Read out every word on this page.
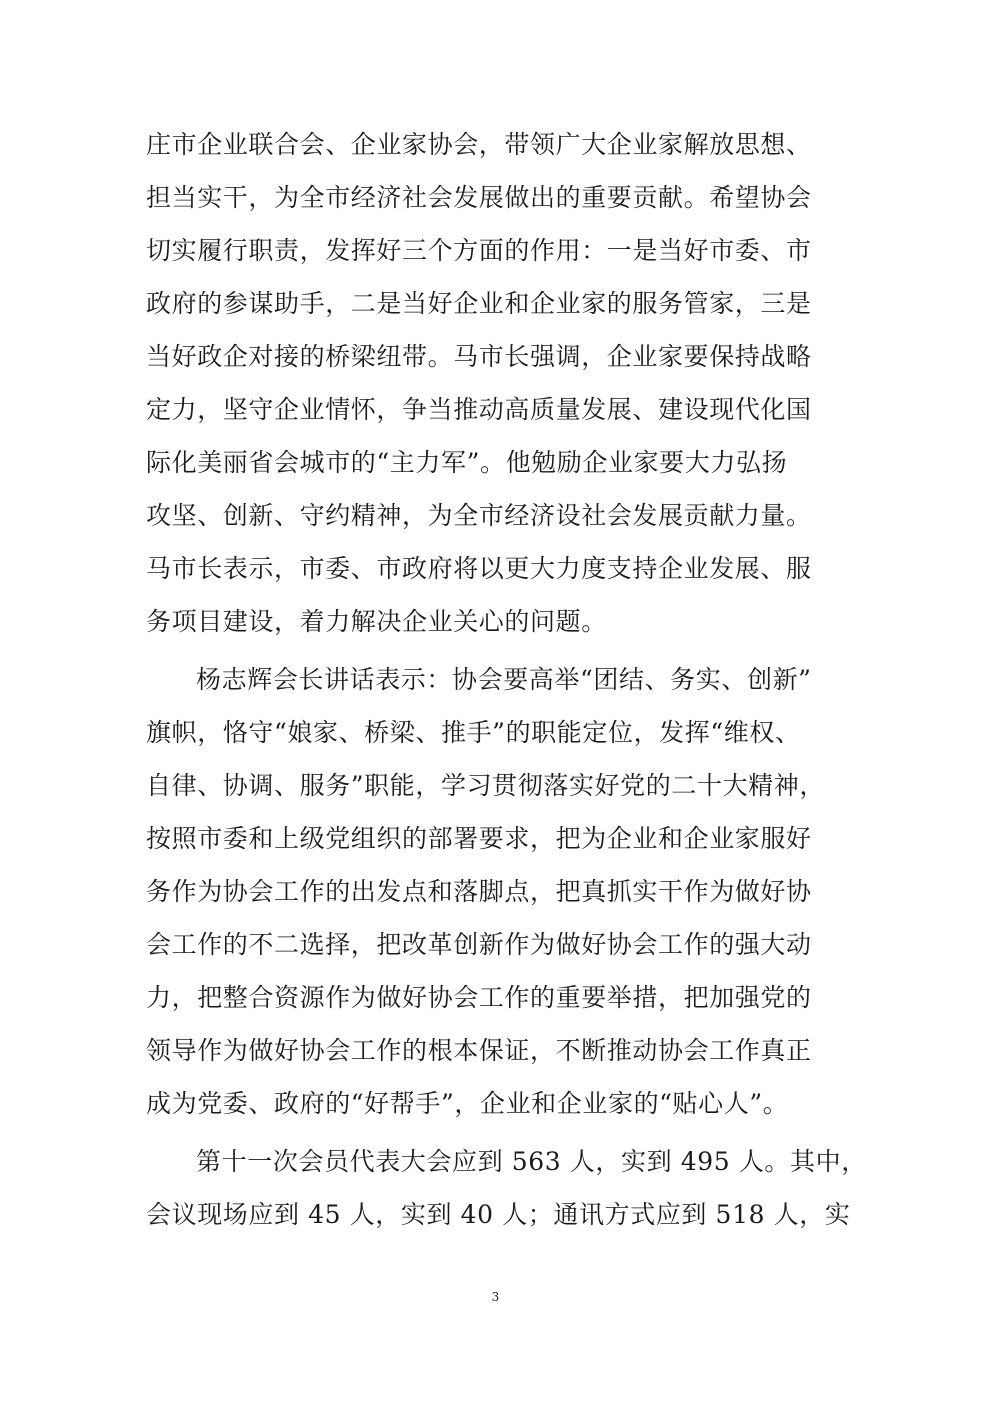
庄市企业联合会、企业家协会，带领广大企业家解放思想、
担当实干，为全市经济社会发展做出的重要贡献。希望协会
切实履行职责，发挥好三个方面的作用：一是当好市委、市
政府的参谋助手，二是当好企业和企业家的服务管家，三是
当好政企对接的桥梁纽带。马市长强调，企业家要保持战略
定力，坚守企业情怀，争当推动高质量发展、建设现代化国
际化美丽省会城市的“主力军”。他勉励企业家要大力弘扬
攻坚、创新、守约精神，为全市经济设社会发展贡献力量。
马市长表示，市委、市政府将以更大力度支持企业发展、服
务项目建设，着力解决企业关心的问题。
杨志辉会长讲话表示：协会要高举“团结、务实、创新”
旗帜，恪守“娘家、桥梁、推手”的职能定位，发挥“维权、
自律、协调、服务”职能，学习贯彻落实好党的二十大精神，
按照市委和上级党组织的部署要求，把为企业和企业家服好
务作为协会工作的出发点和落脚点，把真抓实干作为做好协
会工作的不二选择，把改革创新作为做好协会工作的强大动
力，把整合资源作为做好协会工作的重要举措，把加强党的
领导作为做好协会工作的根本保证，不断推动协会工作真正
成为党委、政府的“好帮手”，企业和企业家的“贴心人”。
第十一次会员代表大会应到 563 人，实到 495 人。其中，
会议现场应到 45 人，实到 40 人；通讯方式应到 518 人，实
3
